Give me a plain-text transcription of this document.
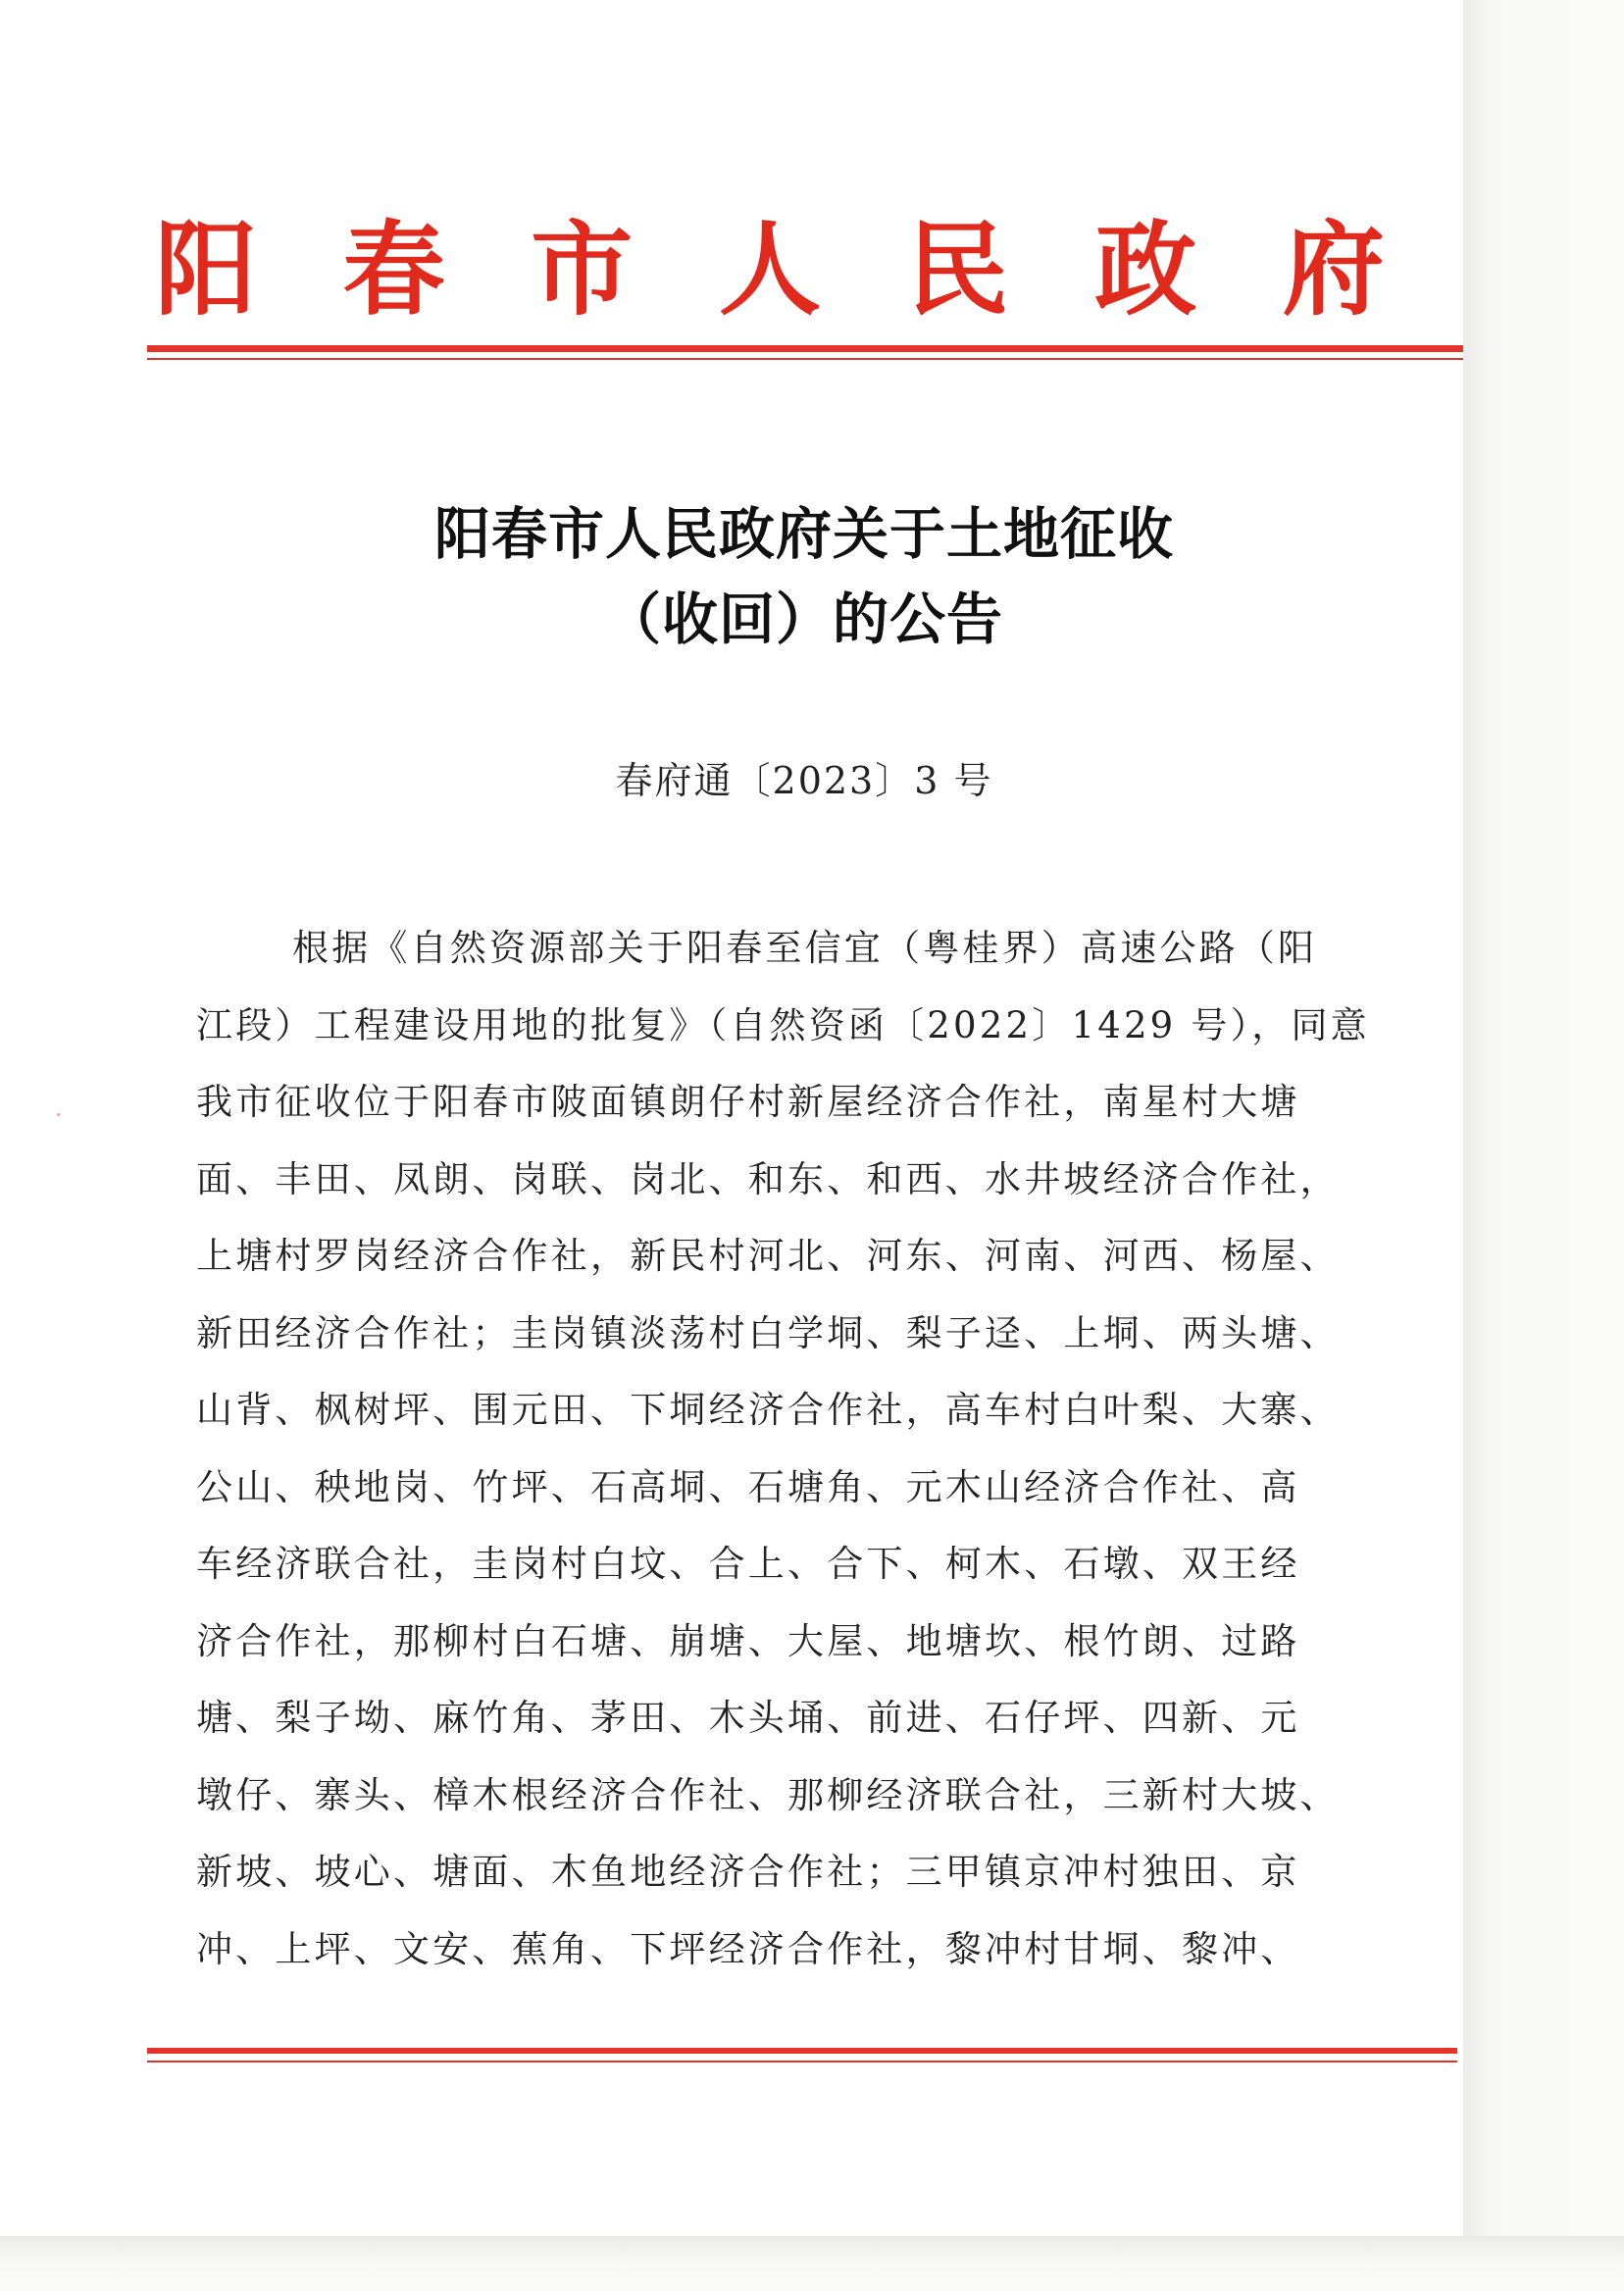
阳 春 市 人 民 政 府
阳春市人民政府关于土地征收
（收回）的公告
春府通〔2023〕3 号
根据《自然资源部关于阳春至信宜（粤桂界）高速公路（阳
江段）工程建设用地的批复》（自然资函〔2022〕1429 号），同意
我市征收位于阳春市陂面镇朗仔村新屋经济合作社，南星村大塘
面、丰田、凤朗、岗联、岗北、和东、和西、水井坡经济合作社，
上塘村罗岗经济合作社，新民村河北、河东、河南、河西、杨屋、
新田经济合作社；圭岗镇淡荡村白学垌、梨子迳、上垌、两头塘、
山背、枫树坪、围元田、下垌经济合作社，高车村白叶梨、大寨、
公山、秧地岗、竹坪、石高垌、石塘角、元木山经济合作社、高
车经济联合社，圭岗村白坟、合上、合下、柯木、石墩、双王经
济合作社，那柳村白石塘、崩塘、大屋、地塘坎、根竹朗、过路
塘、梨子坳、麻竹角、茅田、木头埇、前进、石仔坪、四新、元
墩仔、寨头、樟木根经济合作社、那柳经济联合社，三新村大坡、
新坡、坡心、塘面、木鱼地经济合作社；三甲镇京冲村独田、京
冲、上坪、文安、蕉角、下坪经济合作社，黎冲村甘垌、黎冲、
